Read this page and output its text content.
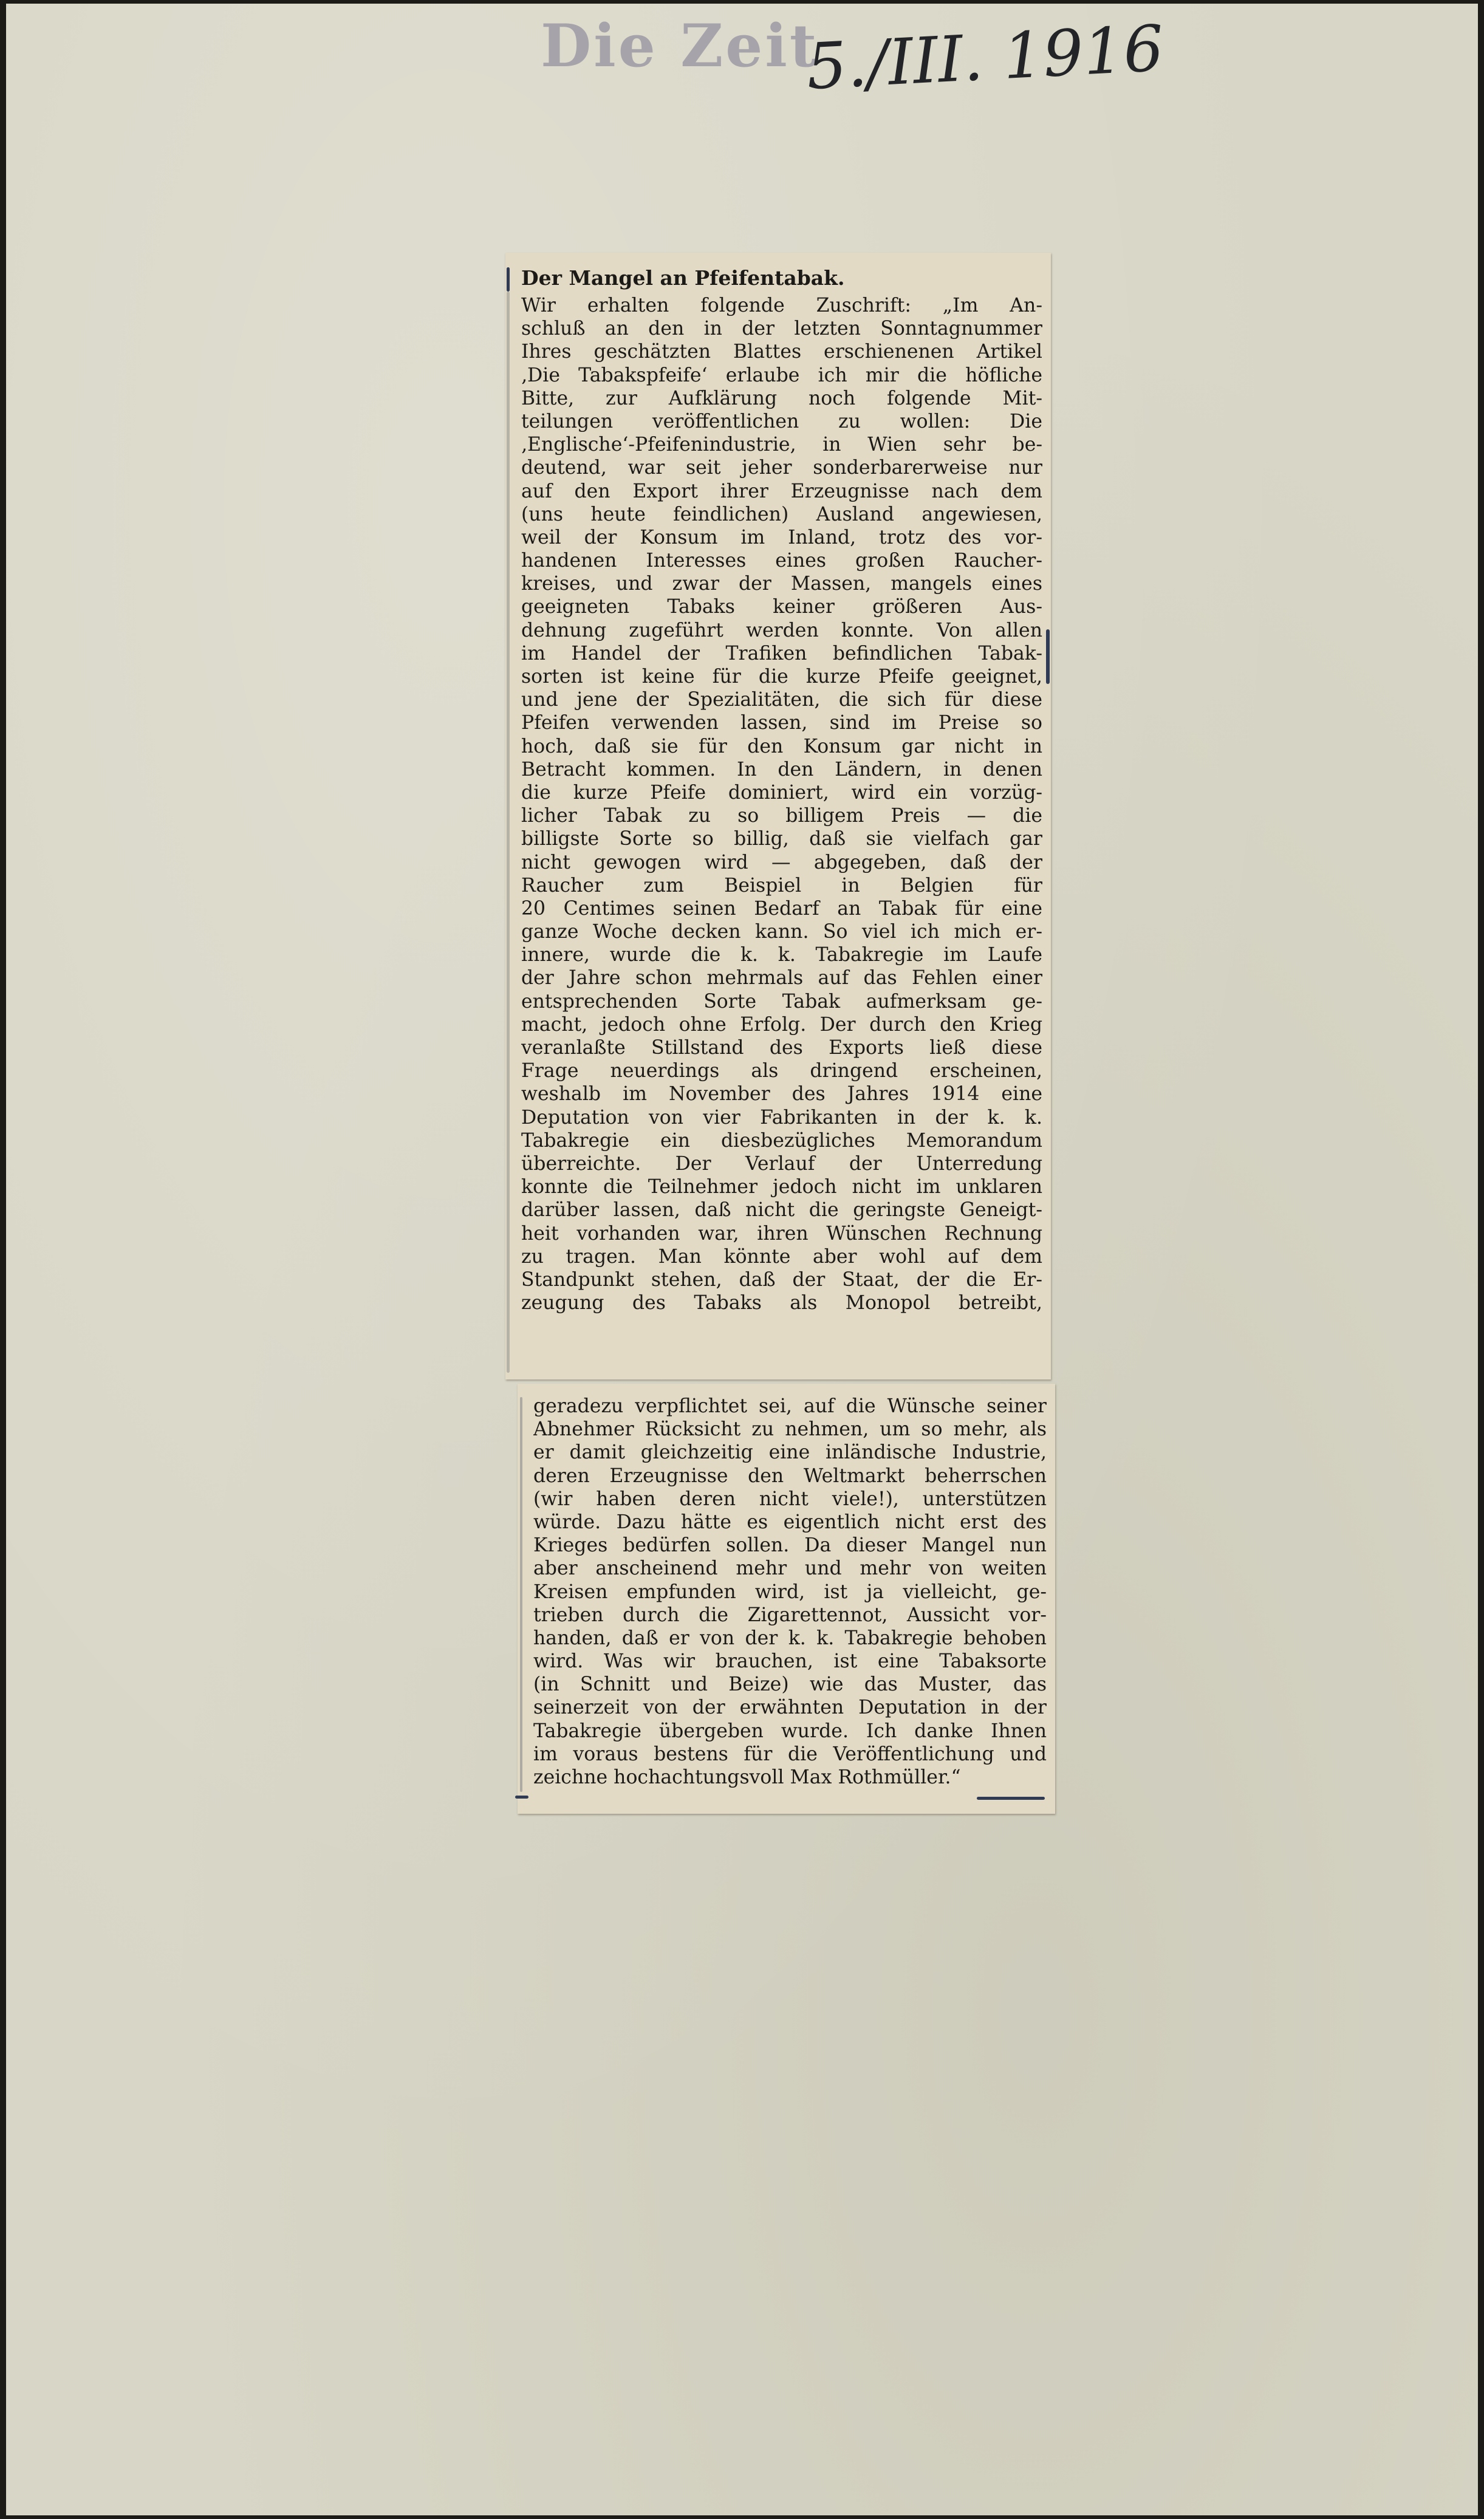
Die Zeit
5./III. 1916
Der Mangel an Pfeifentabak.
Wir erhalten folgende Zuschrift: „Im An-
schluß an den in der letzten Sonntagnummer
Ihres geschätzten Blattes erschienenen Artikel
‚Die Tabakspfeife‘ erlaube ich mir die höfliche
Bitte, zur Aufklärung noch folgende Mit-
teilungen veröffentlichen zu wollen: Die
‚Englische‘-Pfeifenindustrie, in Wien sehr be-
deutend, war seit jeher sonderbarerweise nur
auf den Export ihrer Erzeugnisse nach dem
(uns heute feindlichen) Ausland angewiesen,
weil der Konsum im Inland, trotz des vor-
handenen Interesses eines großen Raucher-
kreises, und zwar der Massen, mangels eines
geeigneten Tabaks keiner größeren Aus-
dehnung zugeführt werden konnte. Von allen
im Handel der Trafiken befindlichen Tabak-
sorten ist keine für die kurze Pfeife geeignet,
und jene der Spezialitäten, die sich für diese
Pfeifen verwenden lassen, sind im Preise so
hoch, daß sie für den Konsum gar nicht in
Betracht kommen. In den Ländern, in denen
die kurze Pfeife dominiert, wird ein vorzüg-
licher Tabak zu so billigem Preis — die
billigste Sorte so billig, daß sie vielfach gar
nicht gewogen wird — abgegeben, daß der
Raucher zum Beispiel in Belgien für
20 Centimes seinen Bedarf an Tabak für eine
ganze Woche decken kann. So viel ich mich er-
innere, wurde die k. k. Tabakregie im Laufe
der Jahre schon mehrmals auf das Fehlen einer
entsprechenden Sorte Tabak aufmerksam ge-
macht, jedoch ohne Erfolg. Der durch den Krieg
veranlaßte Stillstand des Exports ließ diese
Frage neuerdings als dringend erscheinen,
weshalb im November des Jahres 1914 eine
Deputation von vier Fabrikanten in der k. k.
Tabakregie ein diesbezügliches Memorandum
überreichte. Der Verlauf der Unterredung
konnte die Teilnehmer jedoch nicht im unklaren
darüber lassen, daß nicht die geringste Geneigt-
heit vorhanden war, ihren Wünschen Rechnung
zu tragen. Man könnte aber wohl auf dem
Standpunkt stehen, daß der Staat, der die Er-
zeugung des Tabaks als Monopol betreibt,
geradezu verpflichtet sei, auf die Wünsche seiner
Abnehmer Rücksicht zu nehmen, um so mehr, als
er damit gleichzeitig eine inländische Industrie,
deren Erzeugnisse den Weltmarkt beherrschen
(wir haben deren nicht viele!), unterstützen
würde. Dazu hätte es eigentlich nicht erst des
Krieges bedürfen sollen. Da dieser Mangel nun
aber anscheinend mehr und mehr von weiten
Kreisen empfunden wird, ist ja vielleicht, ge-
trieben durch die Zigarettennot, Aussicht vor-
handen, daß er von der k. k. Tabakregie behoben
wird. Was wir brauchen, ist eine Tabaksorte
(in Schnitt und Beize) wie das Muster, das
seinerzeit von der erwähnten Deputation in der
Tabakregie übergeben wurde. Ich danke Ihnen
im voraus bestens für die Veröffentlichung und
zeichne hochachtungsvoll Max Rothmüller.“
